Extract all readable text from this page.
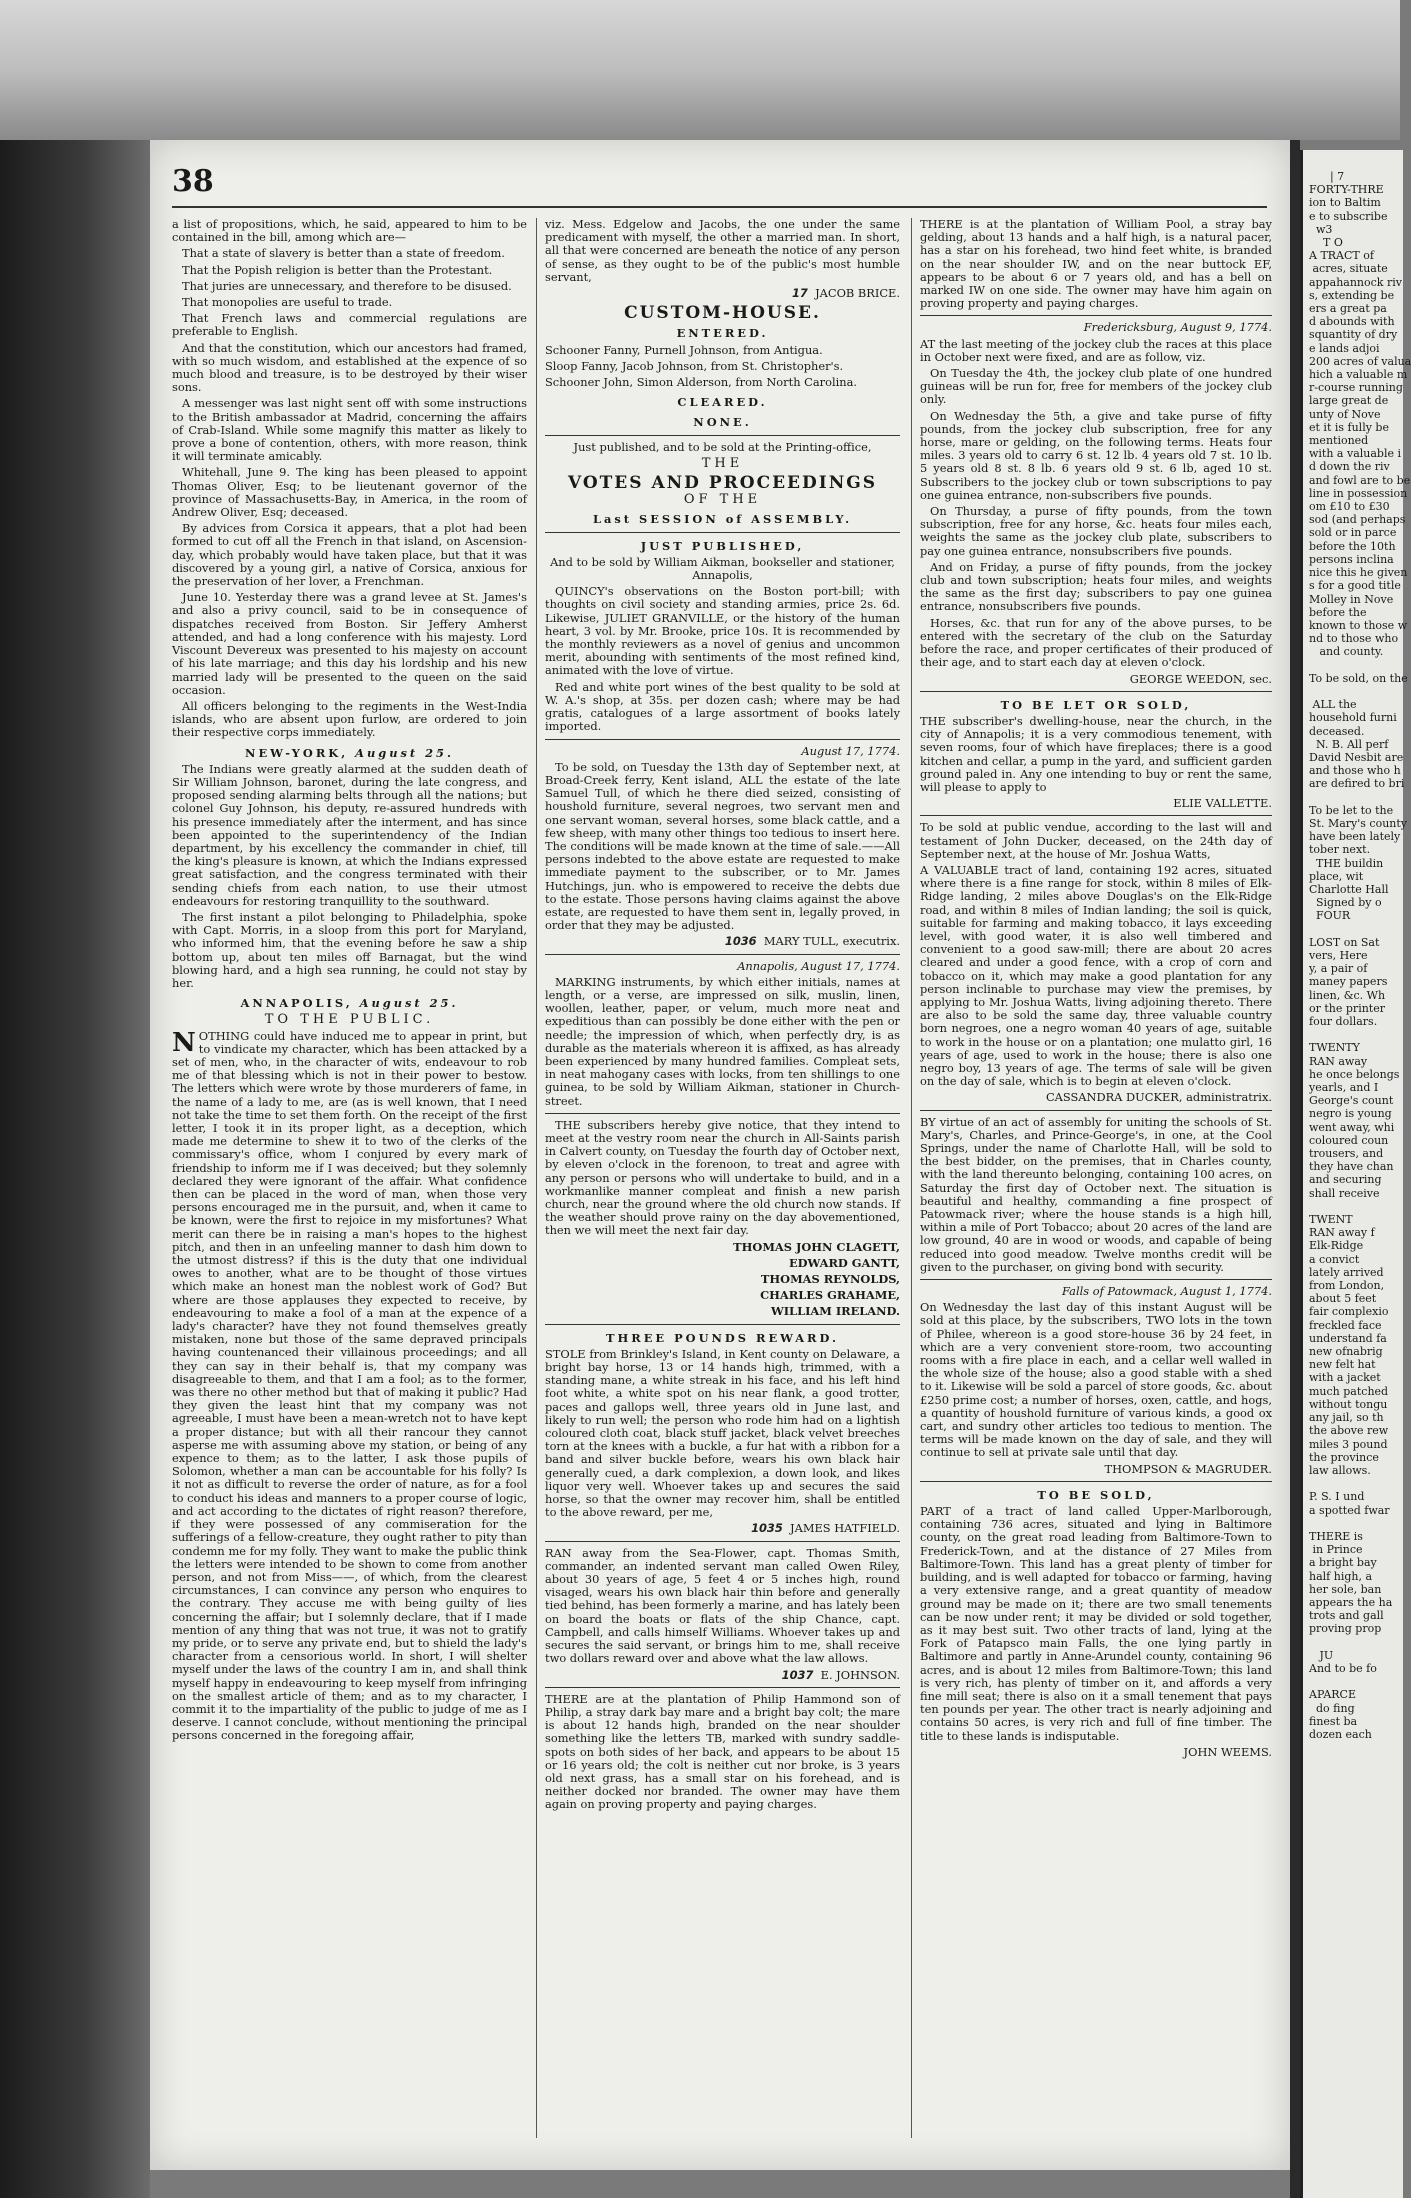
| 7
FORTY-THRE
ion to Baltim
e to subscribe
w3
T O
A TRACT of
acres, situate
appahannock riv
s, extending be
ers a great pa
d abounds with
squantity of dry
e lands adjoi
200 acres of valua
hich a valuable m
r-course running
large great de
unty of Nove
et it is fully be
mentioned
with a valuable i
d down the riv
and fowl are to be
line in possession
om £10 to £30
sod (and perhaps
sold or in parce
before the 10th
persons inclina
nice this he given
s for a good title
Molley in Nove
before the
known to those w
nd to those who
and county.

To be sold, on the

ALL the
household furni
deceased.
N. B. All perf
David Nesbit are
and those who h
are defired to bri

To be let to the
St. Mary's county
have been lately
tober next.
THE buildin
place, wit
Charlotte Hall
Signed by o
FOUR

LOST on Sat
vers, Here
y, a pair of
maney papers
linen, &c. Wh
or the printer
four dollars.

TWENTY
RAN away
he once belongs
yearls, and I
George's count
negro is young
went away, whi
coloured coun
trousers, and
they have chan
and securing
shall receive

TWENT
RAN away f
Elk-Ridge
a convict
lately arrived
from London,
about 5 feet
fair complexio
freckled face
understand fa
new ofnabrig
new felt hat
with a jacket
much patched
without tongu
any jail, so th
the above rew
miles 3 pound
the province
law allows.

P. S. I und
a spotted fwar

THERE is
in Prince
a bright bay
half high, a
her sole, ban
appears the ha
trots and gall
proving prop

JU
And to be fo

APARCE
do fing
finest ba
dozen each
38

a list of propositions, which, he said, appeared to him to be contained in the bill, among which are—

That a state of slavery is better than a state of freedom.

That the Popish religion is better than the Protestant.

That juries are unnecessary, and therefore to be disused.

That monopolies are useful to trade.

That French laws and commercial regulations are preferable to English.

And that the constitution, which our ancestors had framed, with so much wisdom, and established at the expence of so much blood and treasure, is to be destroyed by their wiser sons.

A messenger was last night sent off with some instructions to the British ambassador at Madrid, concerning the affairs of Crab-Island. While some magnify this matter as likely to prove a bone of contention, others, with more reason, think it will terminate amicably.

Whitehall, June 9. The king has been pleased to appoint Thomas Oliver, Esq; to be lieutenant governor of the province of Massachusetts-Bay, in America, in the room of Andrew Oliver, Esq; deceased.

By advices from Corsica it appears, that a plot had been formed to cut off all the French in that island, on Ascension-day, which probably would have taken place, but that it was discovered by a young girl, a native of Corsica, anxious for the preservation of her lover, a Frenchman.

June 10. Yesterday there was a grand levee at St. James's and also a privy council, said to be in consequence of dispatches received from Boston. Sir Jeffery Amherst attended, and had a long conference with his majesty. Lord Viscount Devereux was presented to his majesty on account of his late marriage; and this day his lordship and his new married lady will be presented to the queen on the said occasion.

All officers belonging to the regiments in the West-India islands, who are absent upon furlow, are ordered to join their respective corps immediately.

NEW-YORK, August 25.

The Indians were greatly alarmed at the sudden death of Sir William Johnson, baronet, during the late congress, and proposed sending alarming belts through all the nations; but colonel Guy Johnson, his deputy, re-assured hundreds with his presence immediately after the interment, and has since been appointed to the superintendency of the Indian department, by his excellency the commander in chief, till the king's pleasure is known, at which the Indians expressed great satisfaction, and the congress terminated with their sending chiefs from each nation, to use their utmost endeavours for restoring tranquillity to the southward.

The first instant a pilot belonging to Philadelphia, spoke with Capt. Morris, in a sloop from this port for Maryland, who informed him, that the evening before he saw a ship bottom up, about ten miles off Barnagat, but the wind blowing hard, and a high sea running, he could not stay by her.

ANNAPOLIS, August 25.
TO THE PUBLIC.

NOTHING could have induced me to appear in print, but to vindicate my character, which has been attacked by a set of men, who, in the character of wits, endeavour to rob me of that blessing which is not in their power to bestow. The letters which were wrote by those murderers of fame, in the name of a lady to me, are (as is well known, that I need not take the time to set them forth. On the receipt of the first letter, I took it in its proper light, as a deception, which made me determine to shew it to two of the clerks of the commissary's office, whom I conjured by every mark of friendship to inform me if I was deceived; but they solemnly declared they were ignorant of the affair. What confidence then can be placed in the word of man, when those very persons encouraged me in the pursuit, and, when it came to be known, were the first to rejoice in my misfortunes? What merit can there be in raising a man's hopes to the highest pitch, and then in an unfeeling manner to dash him down to the utmost distress? if this is the duty that one individual owes to another, what are to be thought of those virtues which make an honest man the noblest work of God? But where are those applauses they expected to receive, by endeavouring to make a fool of a man at the expence of a lady's character? have they not found themselves greatly mistaken, none but those of the same depraved principals having countenanced their villainous proceedings; and all they can say in their behalf is, that my company was disagreeable to them, and that I am a fool; as to the former, was there no other method but that of making it public? Had they given the least hint that my company was not agreeable, I must have been a mean-wretch not to have kept a proper distance; but with all their rancour they cannot asperse me with assuming above my station, or being of any expence to them; as to the latter, I ask those pupils of Solomon, whether a man can be accountable for his folly? Is it not as difficult to reverse the order of nature, as for a fool to conduct his ideas and manners to a proper course of logic, and act according to the dictates of right reason? therefore, if they were possessed of any commiseration for the sufferings of a fellow-creature, they ought rather to pity than condemn me for my folly. They want to make the public think the letters were intended to be shown to come from another person, and not from Miss——, of which, from the clearest circumstances, I can convince any person who enquires to the contrary. They accuse me with being guilty of lies concerning the affair; but I solemnly declare, that if I made mention of any thing that was not true, it was not to gratify my pride, or to serve any private end, but to shield the lady's character from a censorious world. In short, I will shelter myself under the laws of the country I am in, and shall think myself happy in endeavouring to keep myself from infringing on the smallest article of them; and as to my character, I commit it to the impartiality of the public to judge of me as I deserve. I cannot conclude, without mentioning the principal persons concerned in the foregoing affair,

viz. Mess. Edgelow and Jacobs, the one under the same predicament with myself, the other a married man. In short, all that were concerned are beneath the notice of any person of sense, as they ought to be of the public's most humble servant,

17 JACOB BRICE.

CUSTOM-HOUSE.
ENTERED.

Schooner Fanny, Purnell Johnson, from Antigua.

Sloop Fanny, Jacob Johnson, from St. Christopher's.

Schooner John, Simon Alderson, from North Carolina.

CLEARED.
NONE.

Just published, and to be sold at the Printing-office,

THE
VOTES AND PROCEEDINGS
OF THE
Last SESSION of ASSEMBLY.
JUST PUBLISHED,

And to be sold by William Aikman, bookseller and stationer, Annapolis,

QUINCY's observations on the Boston port-bill; with thoughts on civil society and standing armies, price 2s. 6d. Likewise, JULIET GRANVILLE, or the history of the human heart, 3 vol. by Mr. Brooke, price 10s. It is recommended by the monthly reviewers as a novel of genius and uncommon merit, abounding with sentiments of the most refined kind, animated with the love of virtue.

Red and white port wines of the best quality to be sold at W. A.'s shop, at 35s. per dozen cash; where may be had gratis, catalogues of a large assortment of books lately imported.

August 17, 1774.

To be sold, on Tuesday the 13th day of September next, at Broad-Creek ferry, Kent island, ALL the estate of the late Samuel Tull, of which he there died seized, consisting of houshold furniture, several negroes, two servant men and one servant woman, several horses, some black cattle, and a few sheep, with many other things too tedious to insert here. The conditions will be made known at the time of sale.——All persons indebted to the above estate are requested to make immediate payment to the subscriber, or to Mr. James Hutchings, jun. who is empowered to receive the debts due to the estate. Those persons having claims against the above estate, are requested to have them sent in, legally proved, in order that they may be adjusted.

1036 MARY TULL, executrix.

Annapolis, August 17, 1774.

MARKING instruments, by which either initials, names at length, or a verse, are impressed on silk, muslin, linen, woollen, leather, paper, or velum, much more neat and expeditious than can possibly be done either with the pen or needle; the impression of which, when perfectly dry, is as durable as the materials whereon it is affixed, as has already been experienced by many hundred families. Compleat sets, in neat mahogany cases with locks, from ten shillings to one guinea, to be sold by William Aikman, stationer in Church-street.

THE subscribers hereby give notice, that they intend to meet at the vestry room near the church in All-Saints parish in Calvert county, on Tuesday the fourth day of October next, by eleven o'clock in the forenoon, to treat and agree with any person or persons who will undertake to build, and in a workmanlike manner compleat and finish a new parish church, near the ground where the old church now stands. If the weather should prove rainy on the day abovementioned, then we will meet the next fair day.

THOMAS JOHN CLAGETT,

EDWARD GANTT,

THOMAS REYNOLDS,

CHARLES GRAHAME,

WILLIAM IRELAND.

THREE POUNDS REWARD.

STOLE from Brinkley's Island, in Kent county on Delaware, a bright bay horse, 13 or 14 hands high, trimmed, with a standing mane, a white streak in his face, and his left hind foot white, a white spot on his near flank, a good trotter, paces and gallops well, three years old in June last, and likely to run well; the person who rode him had on a lightish coloured cloth coat, black stuff jacket, black velvet breeches torn at the knees with a buckle, a fur hat with a ribbon for a band and silver buckle before, wears his own black hair generally cued, a dark complexion, a down look, and likes liquor very well. Whoever takes up and secures the said horse, so that the owner may recover him, shall be entitled to the above reward, per me,

1035 JAMES HATFIELD.

RAN away from the Sea-Flower, capt. Thomas Smith, commander, an indented servant man called Owen Riley, about 30 years of age, 5 feet 4 or 5 inches high, round visaged, wears his own black hair thin before and generally tied behind, has been formerly a marine, and has lately been on board the boats or flats of the ship Chance, capt. Campbell, and calls himself Williams. Whoever takes up and secures the said servant, or brings him to me, shall receive two dollars reward over and above what the law allows.

1037 E. JOHNSON.

THERE are at the plantation of Philip Hammond son of Philip, a stray dark bay mare and a bright bay colt; the mare is about 12 hands high, branded on the near shoulder something like the letters TB, marked with sundry saddle-spots on both sides of her back, and appears to be about 15 or 16 years old; the colt is neither cut nor broke, is 3 years old next grass, has a small star on his forehead, and is neither docked nor branded. The owner may have them again on proving property and paying charges.

THERE is at the plantation of William Pool, a stray bay gelding, about 13 hands and a half high, is a natural pacer, has a star on his forehead, two hind feet white, is branded on the near shoulder IW, and on the near buttock EF, appears to be about 6 or 7 years old, and has a bell on marked IW on one side. The owner may have him again on proving property and paying charges.

Fredericksburg, August 9, 1774.

AT the last meeting of the jockey club the races at this place in October next were fixed, and are as follow, viz.

On Tuesday the 4th, the jockey club plate of one hundred guineas will be run for, free for members of the jockey club only.

On Wednesday the 5th, a give and take purse of fifty pounds, from the jockey club subscription, free for any horse, mare or gelding, on the following terms. Heats four miles. 3 years old to carry 6 st. 12 lb. 4 years old 7 st. 10 lb. 5 years old 8 st. 8 lb. 6 years old 9 st. 6 lb, aged 10 st. Subscribers to the jockey club or town subscriptions to pay one guinea entrance, non-subscribers five pounds.

On Thursday, a purse of fifty pounds, from the town subscription, free for any horse, &c. heats four miles each, weights the same as the jockey club plate, subscribers to pay one guinea entrance, nonsubscribers five pounds.

And on Friday, a purse of fifty pounds, from the jockey club and town subscription; heats four miles, and weights the same as the first day; subscribers to pay one guinea entrance, nonsubscribers five pounds.

Horses, &c. that run for any of the above purses, to be entered with the secretary of the club on the Saturday before the race, and proper certificates of their produced of their age, and to start each day at eleven o'clock.

GEORGE WEEDON, sec.

TO BE LET OR SOLD,

THE subscriber's dwelling-house, near the church, in the city of Annapolis; it is a very commodious tenement, with seven rooms, four of which have fireplaces; there is a good kitchen and cellar, a pump in the yard, and sufficient garden ground paled in. Any one intending to buy or rent the same, will please to apply to

ELIE VALLETTE.

To be sold at public vendue, according to the last will and testament of John Ducker, deceased, on the 24th day of September next, at the house of Mr. Joshua Watts,

A VALUABLE tract of land, containing 192 acres, situated where there is a fine range for stock, within 8 miles of Elk-Ridge landing, 2 miles above Douglas's on the Elk-Ridge road, and within 8 miles of Indian landing; the soil is quick, suitable for farming and making tobacco, it lays exceeding level, with good water, it is also well timbered and convenient to a good saw-mill; there are about 20 acres cleared and under a good fence, with a crop of corn and tobacco on it, which may make a good plantation for any person inclinable to purchase may view the premises, by applying to Mr. Joshua Watts, living adjoining thereto. There are also to be sold the same day, three valuable country born negroes, one a negro woman 40 years of age, suitable to work in the house or on a plantation; one mulatto girl, 16 years of age, used to work in the house; there is also one negro boy, 13 years of age. The terms of sale will be given on the day of sale, which is to begin at eleven o'clock.

CASSANDRA DUCKER, administratrix.

BY virtue of an act of assembly for uniting the schools of St. Mary's, Charles, and Prince-George's, in one, at the Cool Springs, under the name of Charlotte Hall, will be sold to the best bidder, on the premises, that in Charles county, with the land thereunto belonging, containing 100 acres, on Saturday the first day of October next. The situation is beautiful and healthy, commanding a fine prospect of Patowmack river; where the house stands is a high hill, within a mile of Port Tobacco; about 20 acres of the land are low ground, 40 are in wood or woods, and capable of being reduced into good meadow. Twelve months credit will be given to the purchaser, on giving bond with security.

Falls of Patowmack, August 1, 1774.

On Wednesday the last day of this instant August will be sold at this place, by the subscribers, TWO lots in the town of Philee, whereon is a good store-house 36 by 24 feet, in which are a very convenient store-room, two accounting rooms with a fire place in each, and a cellar well walled in the whole size of the house; also a good stable with a shed to it. Likewise will be sold a parcel of store goods, &c. about £250 prime cost; a number of horses, oxen, cattle, and hogs, a quantity of houshold furniture of various kinds, a good ox cart, and sundry other articles too tedious to mention. The terms will be made known on the day of sale, and they will continue to sell at private sale until that day.

THOMPSON & MAGRUDER.

TO BE SOLD,

PART of a tract of land called Upper-Marlborough, containing 736 acres, situated and lying in Baltimore county, on the great road leading from Baltimore-Town to Frederick-Town, and at the distance of 27 Miles from Baltimore-Town. This land has a great plenty of timber for building, and is well adapted for tobacco or farming, having a very extensive range, and a great quantity of meadow ground may be made on it; there are two small tenements can be now under rent; it may be divided or sold together, as it may best suit. Two other tracts of land, lying at the Fork of Patapsco main Falls, the one lying partly in Baltimore and partly in Anne-Arundel county, containing 96 acres, and is about 12 miles from Baltimore-Town; this land is very rich, has plenty of timber on it, and affords a very fine mill seat; there is also on it a small tenement that pays ten pounds per year. The other tract is nearly adjoining and contains 50 acres, is very rich and full of fine timber. The title to these lands is indisputable.

JOHN WEEMS.
